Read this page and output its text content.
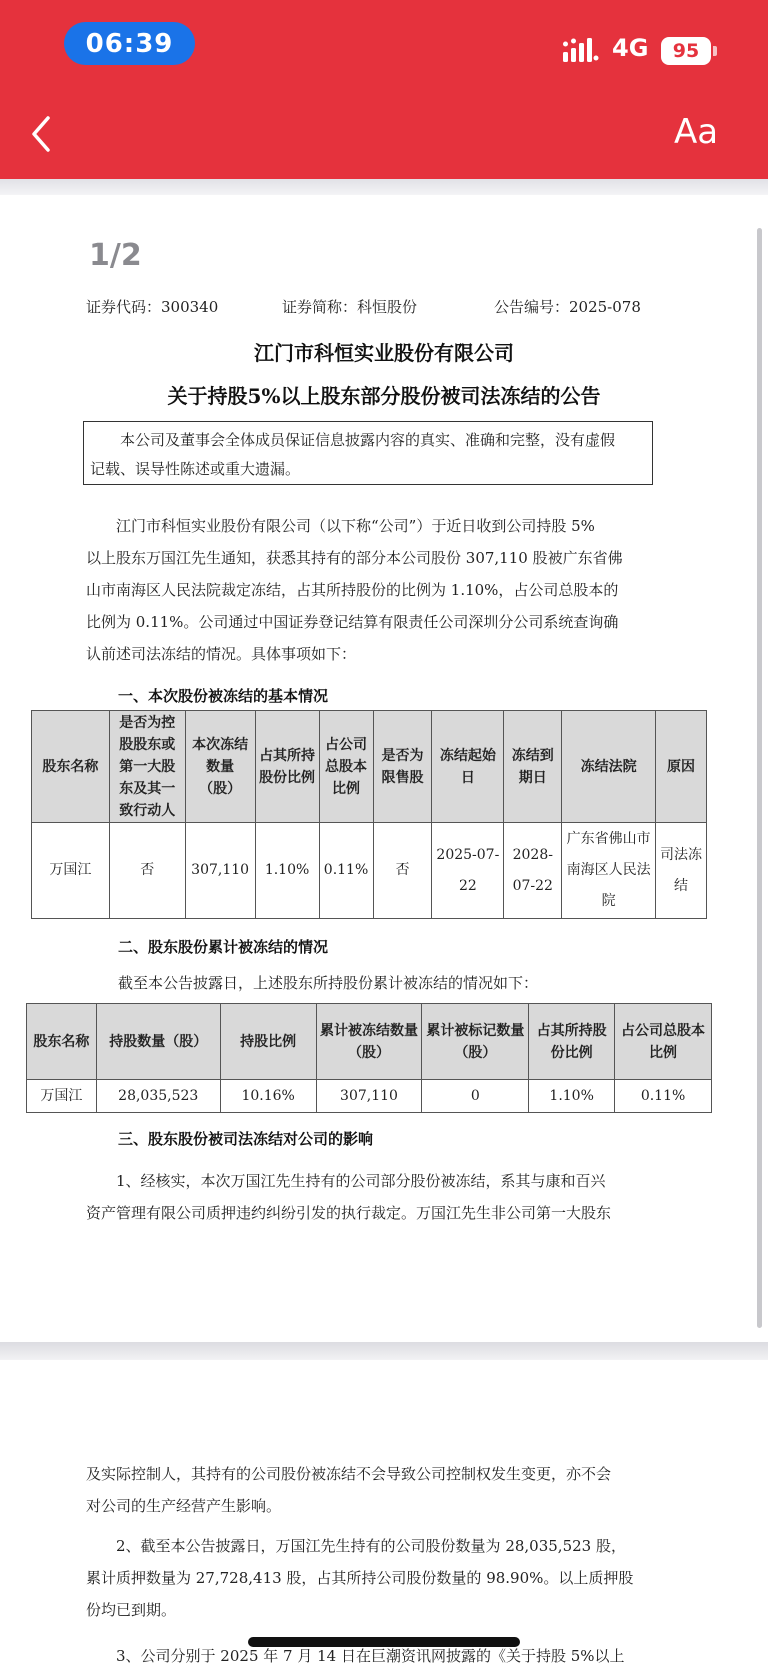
06:39	4G 95
Aa
1/2
证券代码：300340	证券简称：科恒股份	公告编号：2025-078
江门市科恒实业股份有限公司
关于持股5%以上股东部分股份被司法冻结的公告
本公司及董事会全体成员保证信息披露内容的真实、准确和完整，没有虚假
记载、误导性陈述或重大遗漏。
江门市科恒实业股份有限公司（以下称“公司”）于近日收到公司持股 5%
以上股东万国江先生通知，获悉其持有的部分本公司股份 307,110 股被广东省佛
山市南海区人民法院裁定冻结，占其所持股份的比例为 1.10%，占公司总股本的
比例为 0.11%。公司通过中国证券登记结算有限责任公司深圳分公司系统查询确
认前述司法冻结的情况。具体事项如下：
一、本次股份被冻结的基本情况
股东名称	是否为控股股东或第一大股东及其一致行动人	本次冻结数量（股）	占其所持股份比例	占公司总股本比例	是否为限售股	冻结起始日	冻结到期日	冻结法院	原因
万国江	否	307,110	1.10%	0.11%	否	2025-07-22	2028-07-22	广东省佛山市南海区人民法院	司法冻结
二、股东股份累计被冻结的情况
截至本公告披露日，上述股东所持股份累计被冻结的情况如下：
股东名称	持股数量（股）	持股比例	累计被冻结数量（股）	累计被标记数量（股）	占其所持股份比例	占公司总股本比例
万国江	28,035,523	10.16%	307,110	0	1.10%	0.11%
三、股东股份被司法冻结对公司的影响
1、经核实，本次万国江先生持有的公司部分股份被冻结，系其与康和百兴
资产管理有限公司质押违约纠纷引发的执行裁定。万国江先生非公司第一大股东
及实际控制人，其持有的公司股份被冻结不会导致公司控制权发生变更，亦不会
对公司的生产经营产生影响。
2、截至本公告披露日，万国江先生持有的公司股份数量为 28,035,523 股，
累计质押数量为 27,728,413 股，占其所持公司股份数量的 98.90%。以上质押股
份均已到期。
3、公司分别于 2025 年 7 月 14 日在巨潮资讯网披露的《关于持股 5%以上
